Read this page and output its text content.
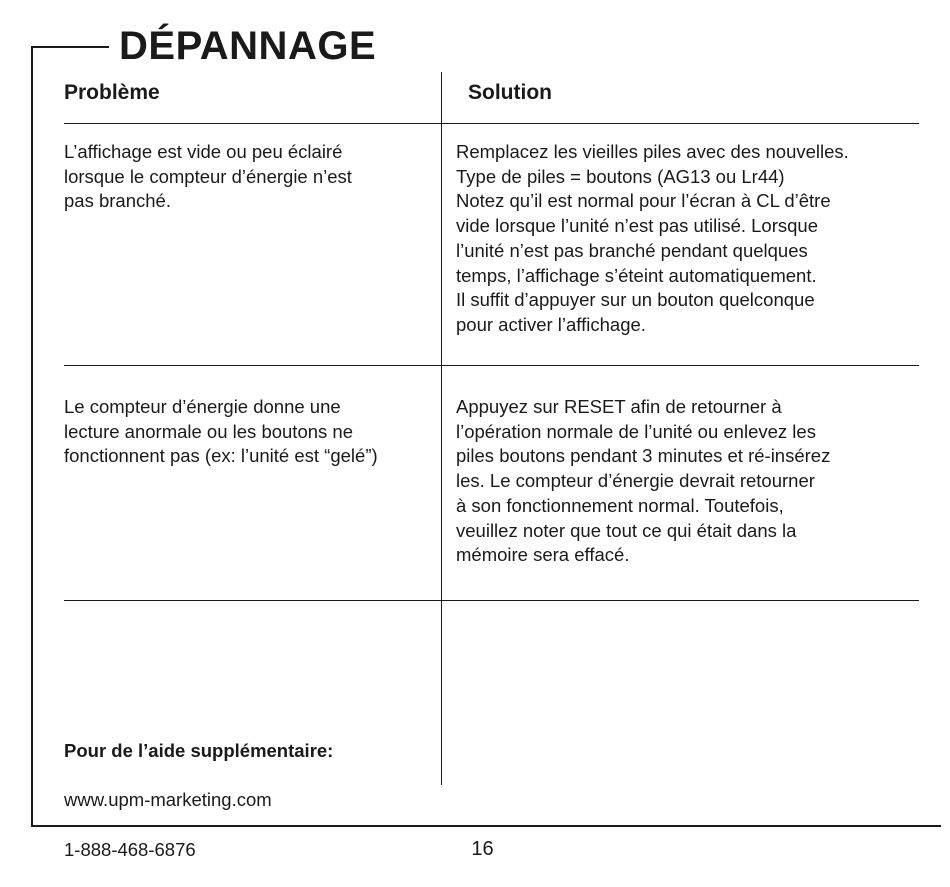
DÉPANNAGE
Problème	Solution
L’affichage est vide ou peu éclairé
lorsque le compteur d’énergie n’est
pas branché.
Remplacez les vieilles piles avec des nouvelles.
Type de piles = boutons (AG13 ou Lr44)
Notez qu’il est normal pour l’écran à CL d’être
vide lorsque l’unité n’est pas utilisé. Lorsque
l’unité n’est pas branché pendant quelques
temps, l’affichage s’éteint automatiquement.
Il suffit d’appuyer sur un bouton quelconque
pour activer l’affichage.
Le compteur d’énergie donne une
lecture anormale ou les boutons ne
fonctionnent pas (ex: l’unité est “gelé”)
Appuyez sur RESET afin de retourner à
l’opération normale de l’unité ou enlevez les
piles boutons pendant 3 minutes et ré-insérez
les. Le compteur d’énergie devrait retourner
à son fonctionnement normal. Toutefois,
veuillez noter que tout ce qui était dans la
mémoire sera effacé.

Pour de l’aide supplémentaire:

www.upm-marketing.com

1-888-468-6876	16
